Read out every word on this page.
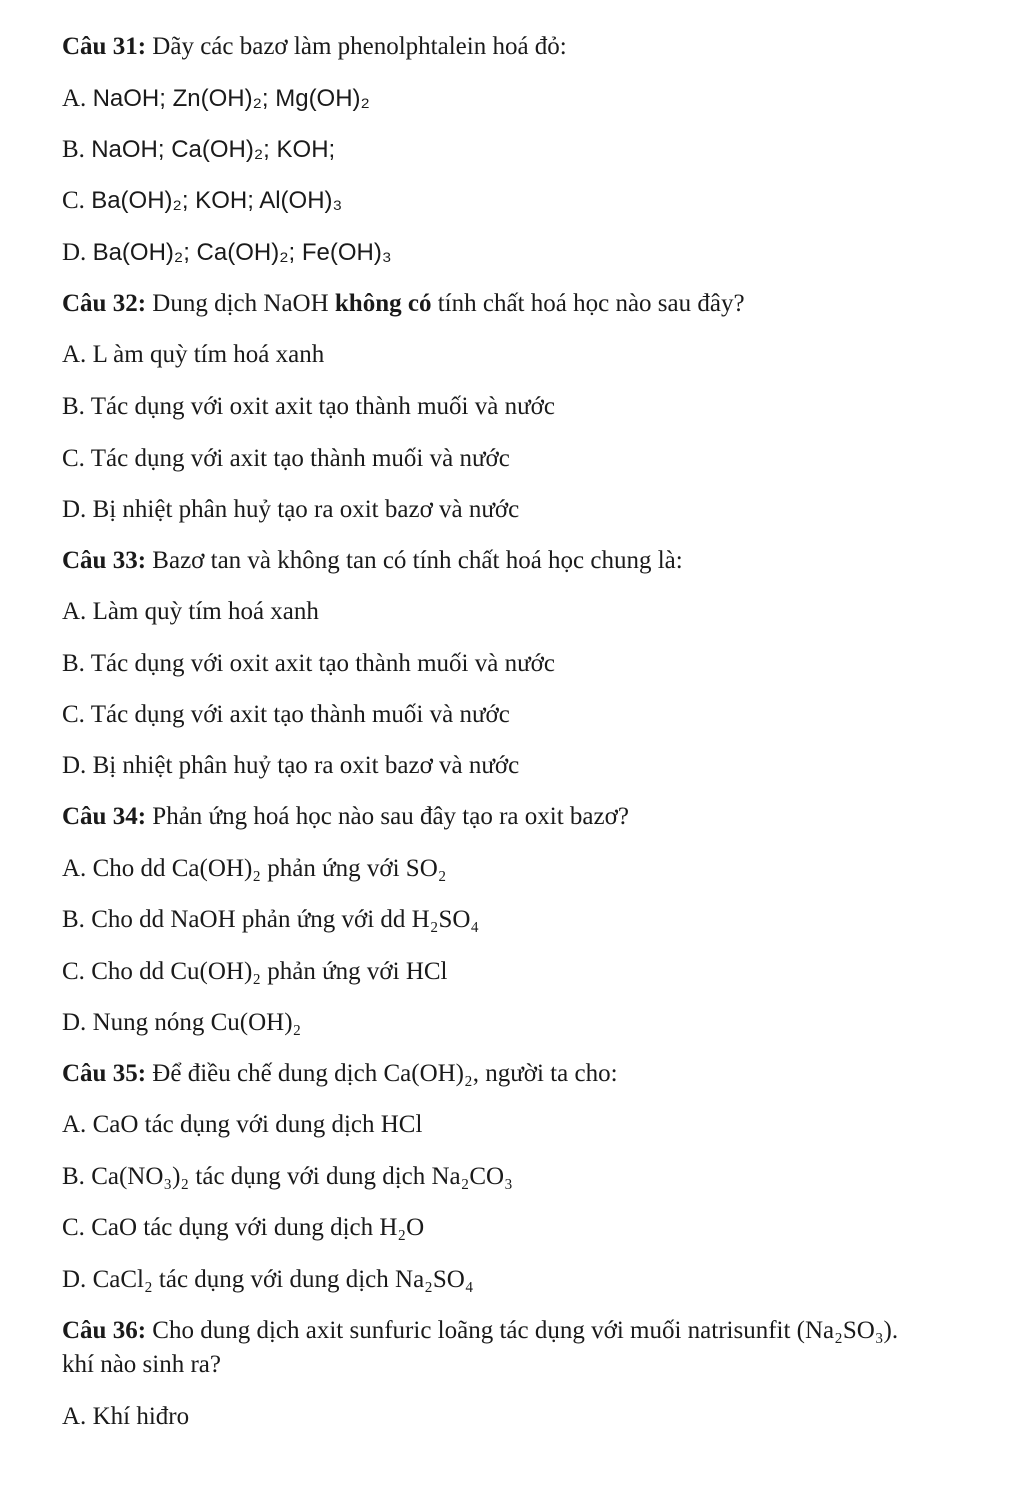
Câu 31: Dãy các bazơ làm phenolphtalein hoá đỏ:
A. NaOH; Zn(OH)₂; Mg(OH)₂
B. NaOH; Ca(OH)₂; KOH;
C. Ba(OH)₂; KOH; Al(OH)₃
D. Ba(OH)₂; Ca(OH)₂; Fe(OH)₃
Câu 32: Dung dịch NaOH không có tính chất hoá học nào sau đây?
A. L àm quỳ tím hoá xanh
B. Tác dụng với oxit axit tạo thành muối và nước
C. Tác dụng với axit tạo thành muối và nước
D. Bị nhiệt phân huỷ tạo ra oxit bazơ và nước
Câu 33: Bazơ tan và không tan có tính chất hoá học chung là:
A. Làm quỳ tím hoá xanh
B. Tác dụng với oxit axit tạo thành muối và nước
C. Tác dụng với axit tạo thành muối và nước
D. Bị nhiệt phân huỷ tạo ra oxit bazơ và nước
Câu 34: Phản ứng hoá học nào sau đây tạo ra oxit bazơ?
A. Cho dd Ca(OH)₂ phản ứng với SO₂
B. Cho dd NaOH phản ứng với dd H₂SO₄
C. Cho dd Cu(OH)₂ phản ứng với HCl
D. Nung nóng Cu(OH)₂
Câu 35: Để điều chế dung dịch Ca(OH)₂, người ta cho:
A. CaO tác dụng với dung dịch HCl
B. Ca(NO₃)₂ tác dụng với dung dịch Na₂CO₃
C. CaO tác dụng với dung dịch H₂O
D. CaCl₂ tác dụng với dung dịch Na₂SO₄
Câu 36: Cho dung dịch axit sunfuric loãng tác dụng với muối natrisunfit (Na₂SO₃).
khí nào sinh ra?
A. Khí hiđro
